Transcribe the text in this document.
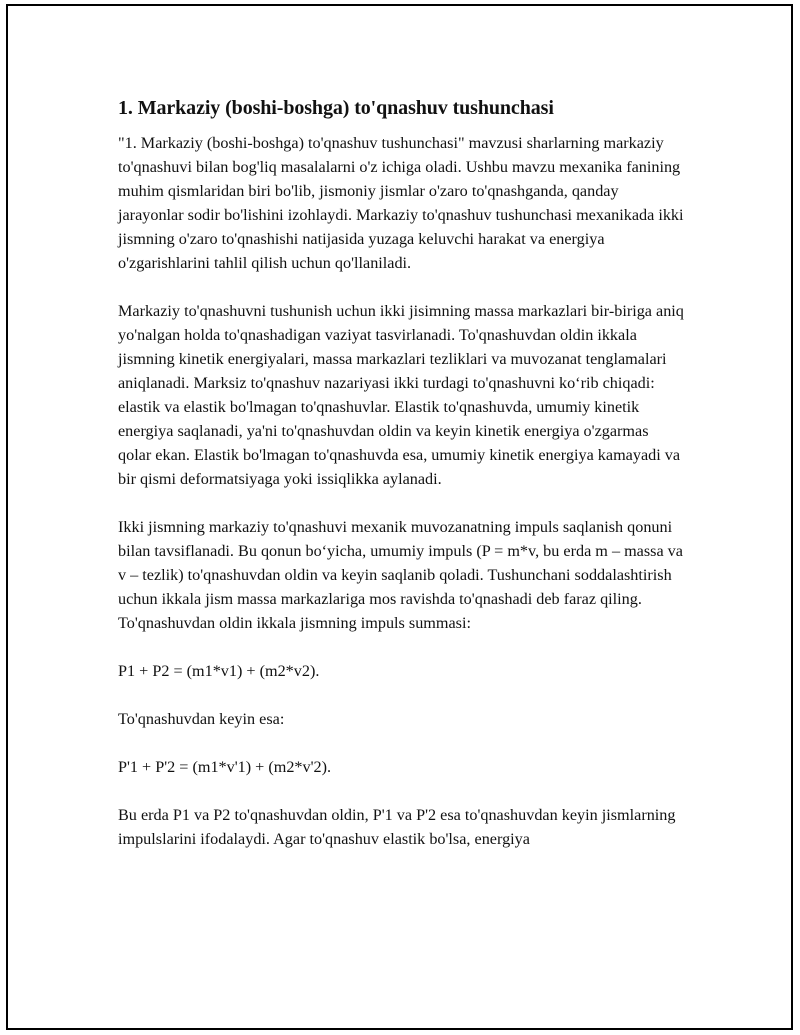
1. Markaziy (boshi-boshga) to'qnashuv tushunchasi

"1. Markaziy (boshi-boshga) to'qnashuv tushunchasi" mavzusi sharlarning markaziy to'qnashuvi bilan bog'liq masalalarni o'z ichiga oladi. Ushbu mavzu mexanika fanining muhim qismlaridan biri bo'lib, jismoniy jismlar o'zaro to'qnashganda, qanday jarayonlar sodir bo'lishini izohlaydi. Markaziy to'qnashuv tushunchasi mexanikada ikki jismning o'zaro to'qnashishi natijasida yuzaga keluvchi harakat va energiya o'zgarishlarini tahlil qilish uchun qo'llaniladi.

Markaziy to'qnashuvni tushunish uchun ikki jisimning massa markazlari bir-biriga aniq yo'nalgan holda to'qnashadigan vaziyat tasvirlanadi. To'qnashuvdan oldin ikkala jismning kinetik energiyalari, massa markazlari tezliklari va muvozanat tenglamalari aniqlanadi. Marksiz to'qnashuv nazariyasi ikki turdagi to'qnashuvni ko‘rib chiqadi: elastik va elastik bo'lmagan to'qnashuvlar. Elastik to'qnashuvda, umumiy kinetik energiya saqlanadi, ya'ni to'qnashuvdan oldin va keyin kinetik energiya o'zgarmas qolar ekan. Elastik bo'lmagan to'qnashuvda esa, umumiy kinetik energiya kamayadi va bir qismi deformatsiyaga yoki issiqlikka aylanadi.

Ikki jismning markaziy to'qnashuvi mexanik muvozanatning impuls saqlanish qonuni bilan tavsiflanadi. Bu qonun bo‘yicha, umumiy impuls (P = m*v, bu erda m – massa va v – tezlik) to'qnashuvdan oldin va keyin saqlanib qoladi. Tushunchani soddalashtirish uchun ikkala jism massa markazlariga mos ravishda to'qnashadi deb faraz qiling. To'qnashuvdan oldin ikkala jismning impuls summasi:

P1 + P2 = (m1*v1) + (m2*v2).

To'qnashuvdan keyin esa:

P'1 + P'2 = (m1*v'1) + (m2*v'2).

Bu erda P1 va P2 to'qnashuvdan oldin, P'1 va P'2 esa to'qnashuvdan keyin jismlarning impulslarini ifodalaydi. Agar to'qnashuv elastik bo'lsa, energiya
